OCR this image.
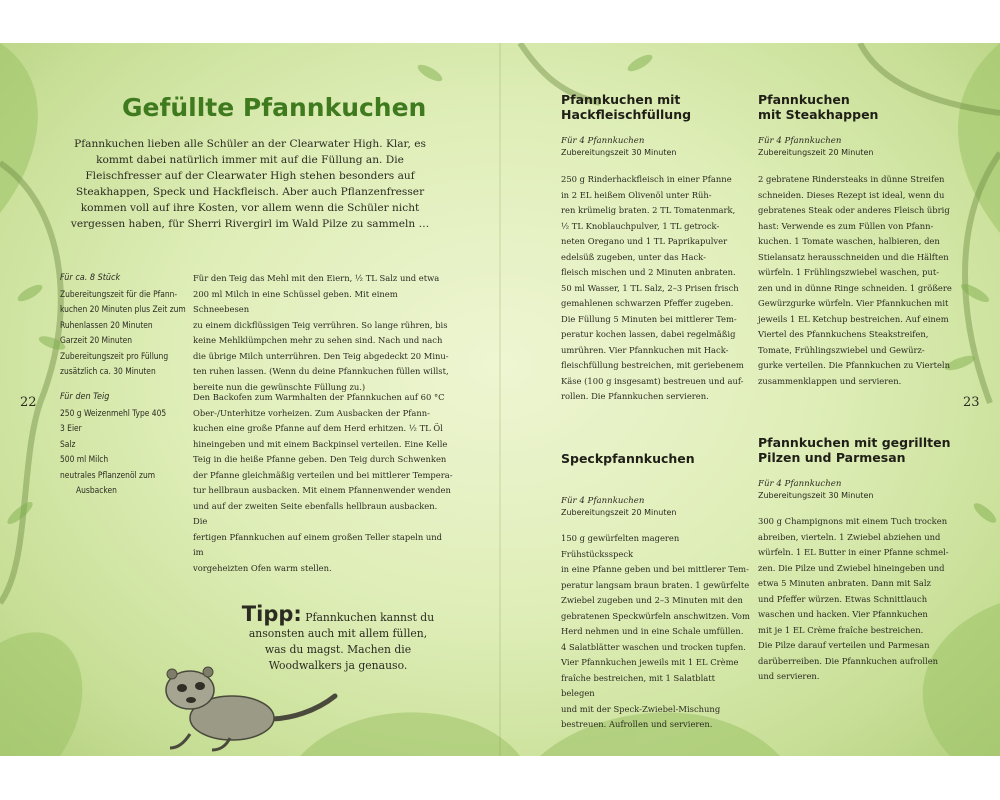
Gefüllte Pfannkuchen
Pfannkuchen lieben alle Schüler an der Clearwater High. Klar, es kommt dabei natürlich immer mit auf die Füllung an. Die Fleischfresser auf der Clearwater High stehen besonders auf Steakhappen, Speck und Hackfleisch. Aber auch Pflanzenfresser kommen voll auf ihre Kosten, vor allem wenn die Schüler nicht vergessen haben, für Sherri Rivergirl im Wald Pilze zu sammeln …
Für ca. 8 Stück
Zubereitungszeit für die Pfann-
kuchen 20 Minuten plus Zeit zum
Ruhenlassen 20 Minuten
Garzeit 20 Minuten
Zubereitungszeit pro Füllung
zusätzlich ca. 30 Minuten
Für den Teig
250 g Weizenmehl Type 405
3 Eier
Salz
500 ml Milch
neutrales Pflanzenöl zum
Ausbacken
Für den Teig das Mehl mit den Eiern, ½ TL Salz und etwa
200 ml Milch in eine Schüssel geben. Mit einem Schneebesen
zu einem dickflüssigen Teig verrühren. So lange rühren, bis
keine Mehlklümpchen mehr zu sehen sind. Nach und nach
die übrige Milch unterrühren. Den Teig abgedeckt 20 Minu-
ten ruhen lassen. (Wenn du deine Pfannkuchen füllen willst,
bereite nun die gewünschte Füllung zu.)
Den Backofen zum Warmhalten der Pfannkuchen auf 60 °C
Ober-/Unterhitze vorheizen. Zum Ausbacken der Pfann-
kuchen eine große Pfanne auf dem Herd erhitzen. ½ TL Öl
hineingeben und mit einem Backpinsel verteilen. Eine Kelle
Teig in die heiße Pfanne geben. Den Teig durch Schwenken
der Pfanne gleichmäßig verteilen und bei mittlerer Tempera-
tur hellbraun ausbacken. Mit einem Pfannenwender wenden
und auf der zweiten Seite ebenfalls hellbraun ausbacken. Die
fertigen Pfannkuchen auf einem großen Teller stapeln und im
vorgeheizten Ofen warm stellen.
22
Tipp: Pfannkuchen kannst du
ansonsten auch mit allem füllen,
was du magst. Machen die
Woodwalkers ja genauso.
23
Pfannkuchen mit
Hackfleischfüllung
Für 4 Pfannkuchen
Zubereitungszeit 30 Minuten
250 g Rinderhackfleisch in einer Pfanne
in 2 EL heißem Olivenöl unter Rüh-
ren krümelig braten. 2 TL Tomatenmark,
½ TL Knoblauchpulver, 1 TL getrock-
neten Oregano und 1 TL Paprikapulver
edelsüß zugeben, unter das Hack-
fleisch mischen und 2 Minuten anbraten.
50 ml Wasser, 1 TL Salz, 2–3 Prisen frisch
gemahlenen schwarzen Pfeffer zugeben.
Die Füllung 5 Minuten bei mittlerer Tem-
peratur kochen lassen, dabei regelmäßig
umrühren. Vier Pfannkuchen mit Hack-
fleischfüllung bestreichen, mit geriebenem
Käse (100 g insgesamt) bestreuen und auf-
rollen. Die Pfannkuchen servieren.
Pfannkuchen
mit Steakhappen
Für 4 Pfannkuchen
Zubereitungszeit 20 Minuten
2 gebratene Rindersteaks in dünne Streifen
schneiden. Dieses Rezept ist ideal, wenn du
gebratenes Steak oder anderes Fleisch übrig
hast: Verwende es zum Füllen von Pfann-
kuchen. 1 Tomate waschen, halbieren, den
Stielansatz herausschneiden und die Hälften
würfeln. 1 Frühlingszwiebel waschen, put-
zen und in dünne Ringe schneiden. 1 größere
Gewürzgurke würfeln. Vier Pfannkuchen mit
jeweils 1 EL Ketchup bestreichen. Auf einem
Viertel des Pfannkuchens Steakstreifen,
Tomate, Frühlingszwiebel und Gewürz-
gurke verteilen. Die Pfannkuchen zu Vierteln
zusammenklappen und servieren.
Speckpfannkuchen
Für 4 Pfannkuchen
Zubereitungszeit 20 Minuten
150 g gewürfelten mageren Frühstücksspeck
in eine Pfanne geben und bei mittlerer Tem-
peratur langsam braun braten. 1 gewürfelte
Zwiebel zugeben und 2–3 Minuten mit den
gebratenen Speckwürfeln anschwitzen. Vom
Herd nehmen und in eine Schale umfüllen.
4 Salatblätter waschen und trocken tupfen.
Vier Pfannkuchen jeweils mit 1 EL Crème
fraîche bestreichen, mit 1 Salatblatt belegen
und mit der Speck-Zwiebel-Mischung
bestreuen. Aufrollen und servieren.
Pfannkuchen mit gegrillten
Pilzen und Parmesan
Für 4 Pfannkuchen
Zubereitungszeit 30 Minuten
300 g Champignons mit einem Tuch trocken
abreiben, vierteln. 1 Zwiebel abziehen und
würfeln. 1 EL Butter in einer Pfanne schmel-
zen. Die Pilze und Zwiebel hineingeben und
etwa 5 Minuten anbraten. Dann mit Salz
und Pfeffer würzen. Etwas Schnittlauch
waschen und hacken. Vier Pfannkuchen
mit je 1 EL Crème fraîche bestreichen.
Die Pilze darauf verteilen und Parmesan
darüberreiben. Die Pfannkuchen aufrollen
und servieren.
